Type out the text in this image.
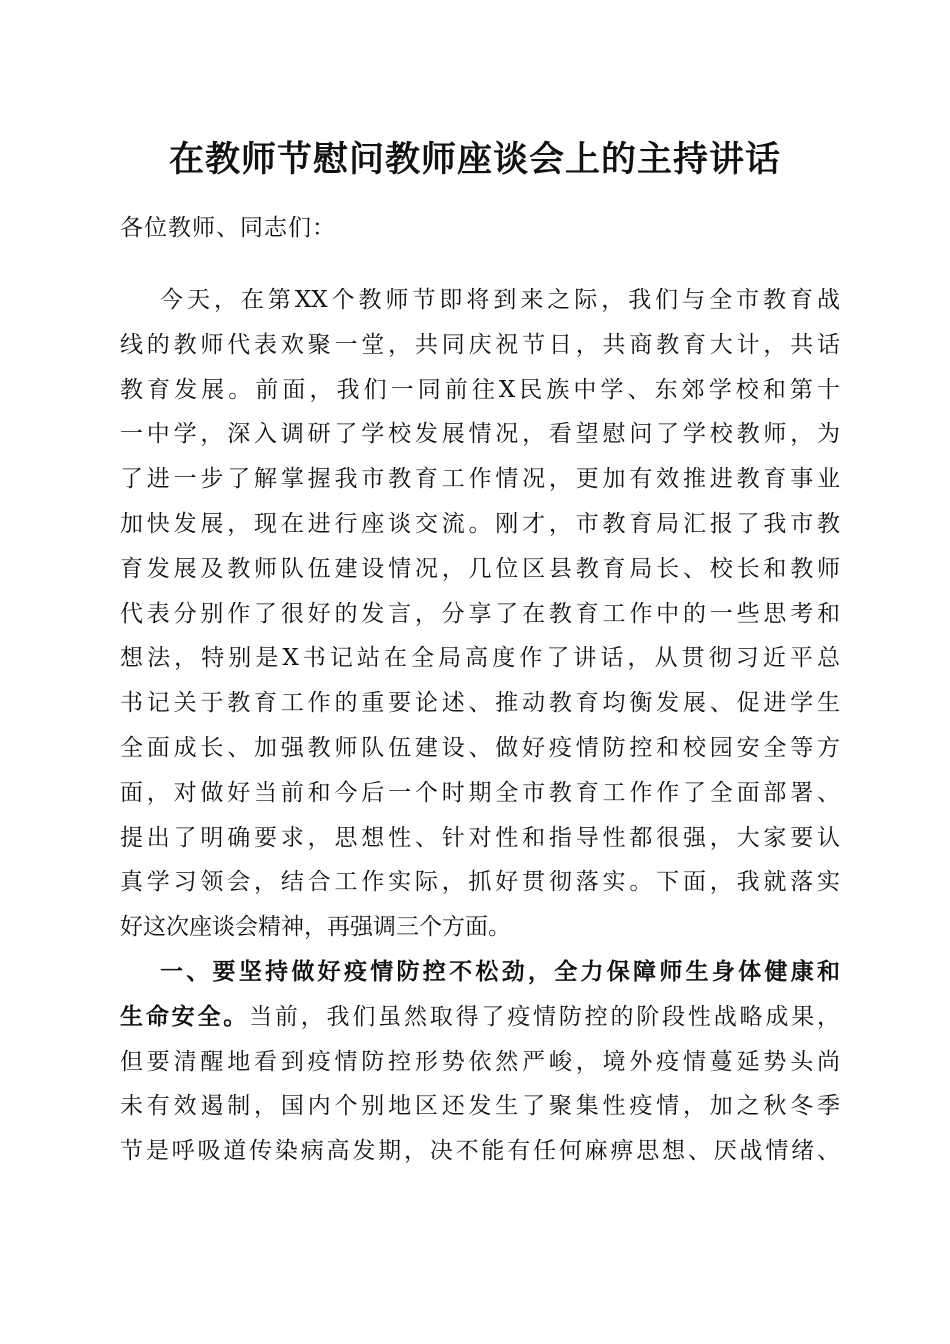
在教师节慰问教师座谈会上的主持讲话
各位教师、同志们：
今天，在第XX个教师节即将到来之际，我们与全市教育战
线的教师代表欢聚一堂，共同庆祝节日，共商教育大计，共话
教育发展。前面，我们一同前往X民族中学、东郊学校和第十
一中学，深入调研了学校发展情况，看望慰问了学校教师，为
了进一步了解掌握我市教育工作情况，更加有效推进教育事业
加快发展，现在进行座谈交流。刚才，市教育局汇报了我市教
育发展及教师队伍建设情况，几位区县教育局长、校长和教师
代表分别作了很好的发言，分享了在教育工作中的一些思考和
想法，特别是X书记站在全局高度作了讲话，从贯彻习近平总
书记关于教育工作的重要论述、推动教育均衡发展、促进学生
全面成长、加强教师队伍建设、做好疫情防控和校园安全等方
面，对做好当前和今后一个时期全市教育工作作了全面部署、
提出了明确要求，思想性、针对性和指导性都很强，大家要认
真学习领会，结合工作实际，抓好贯彻落实。下面，我就落实
好这次座谈会精神，再强调三个方面。
一、要坚持做好疫情防控不松劲，全力保障师生身体健康和
生命安全。当前，我们虽然取得了疫情防控的阶段性战略成果，
但要清醒地看到疫情防控形势依然严峻，境外疫情蔓延势头尚
未有效遏制，国内个别地区还发生了聚集性疫情，加之秋冬季
节是呼吸道传染病高发期，决不能有任何麻痹思想、厌战情绪、
